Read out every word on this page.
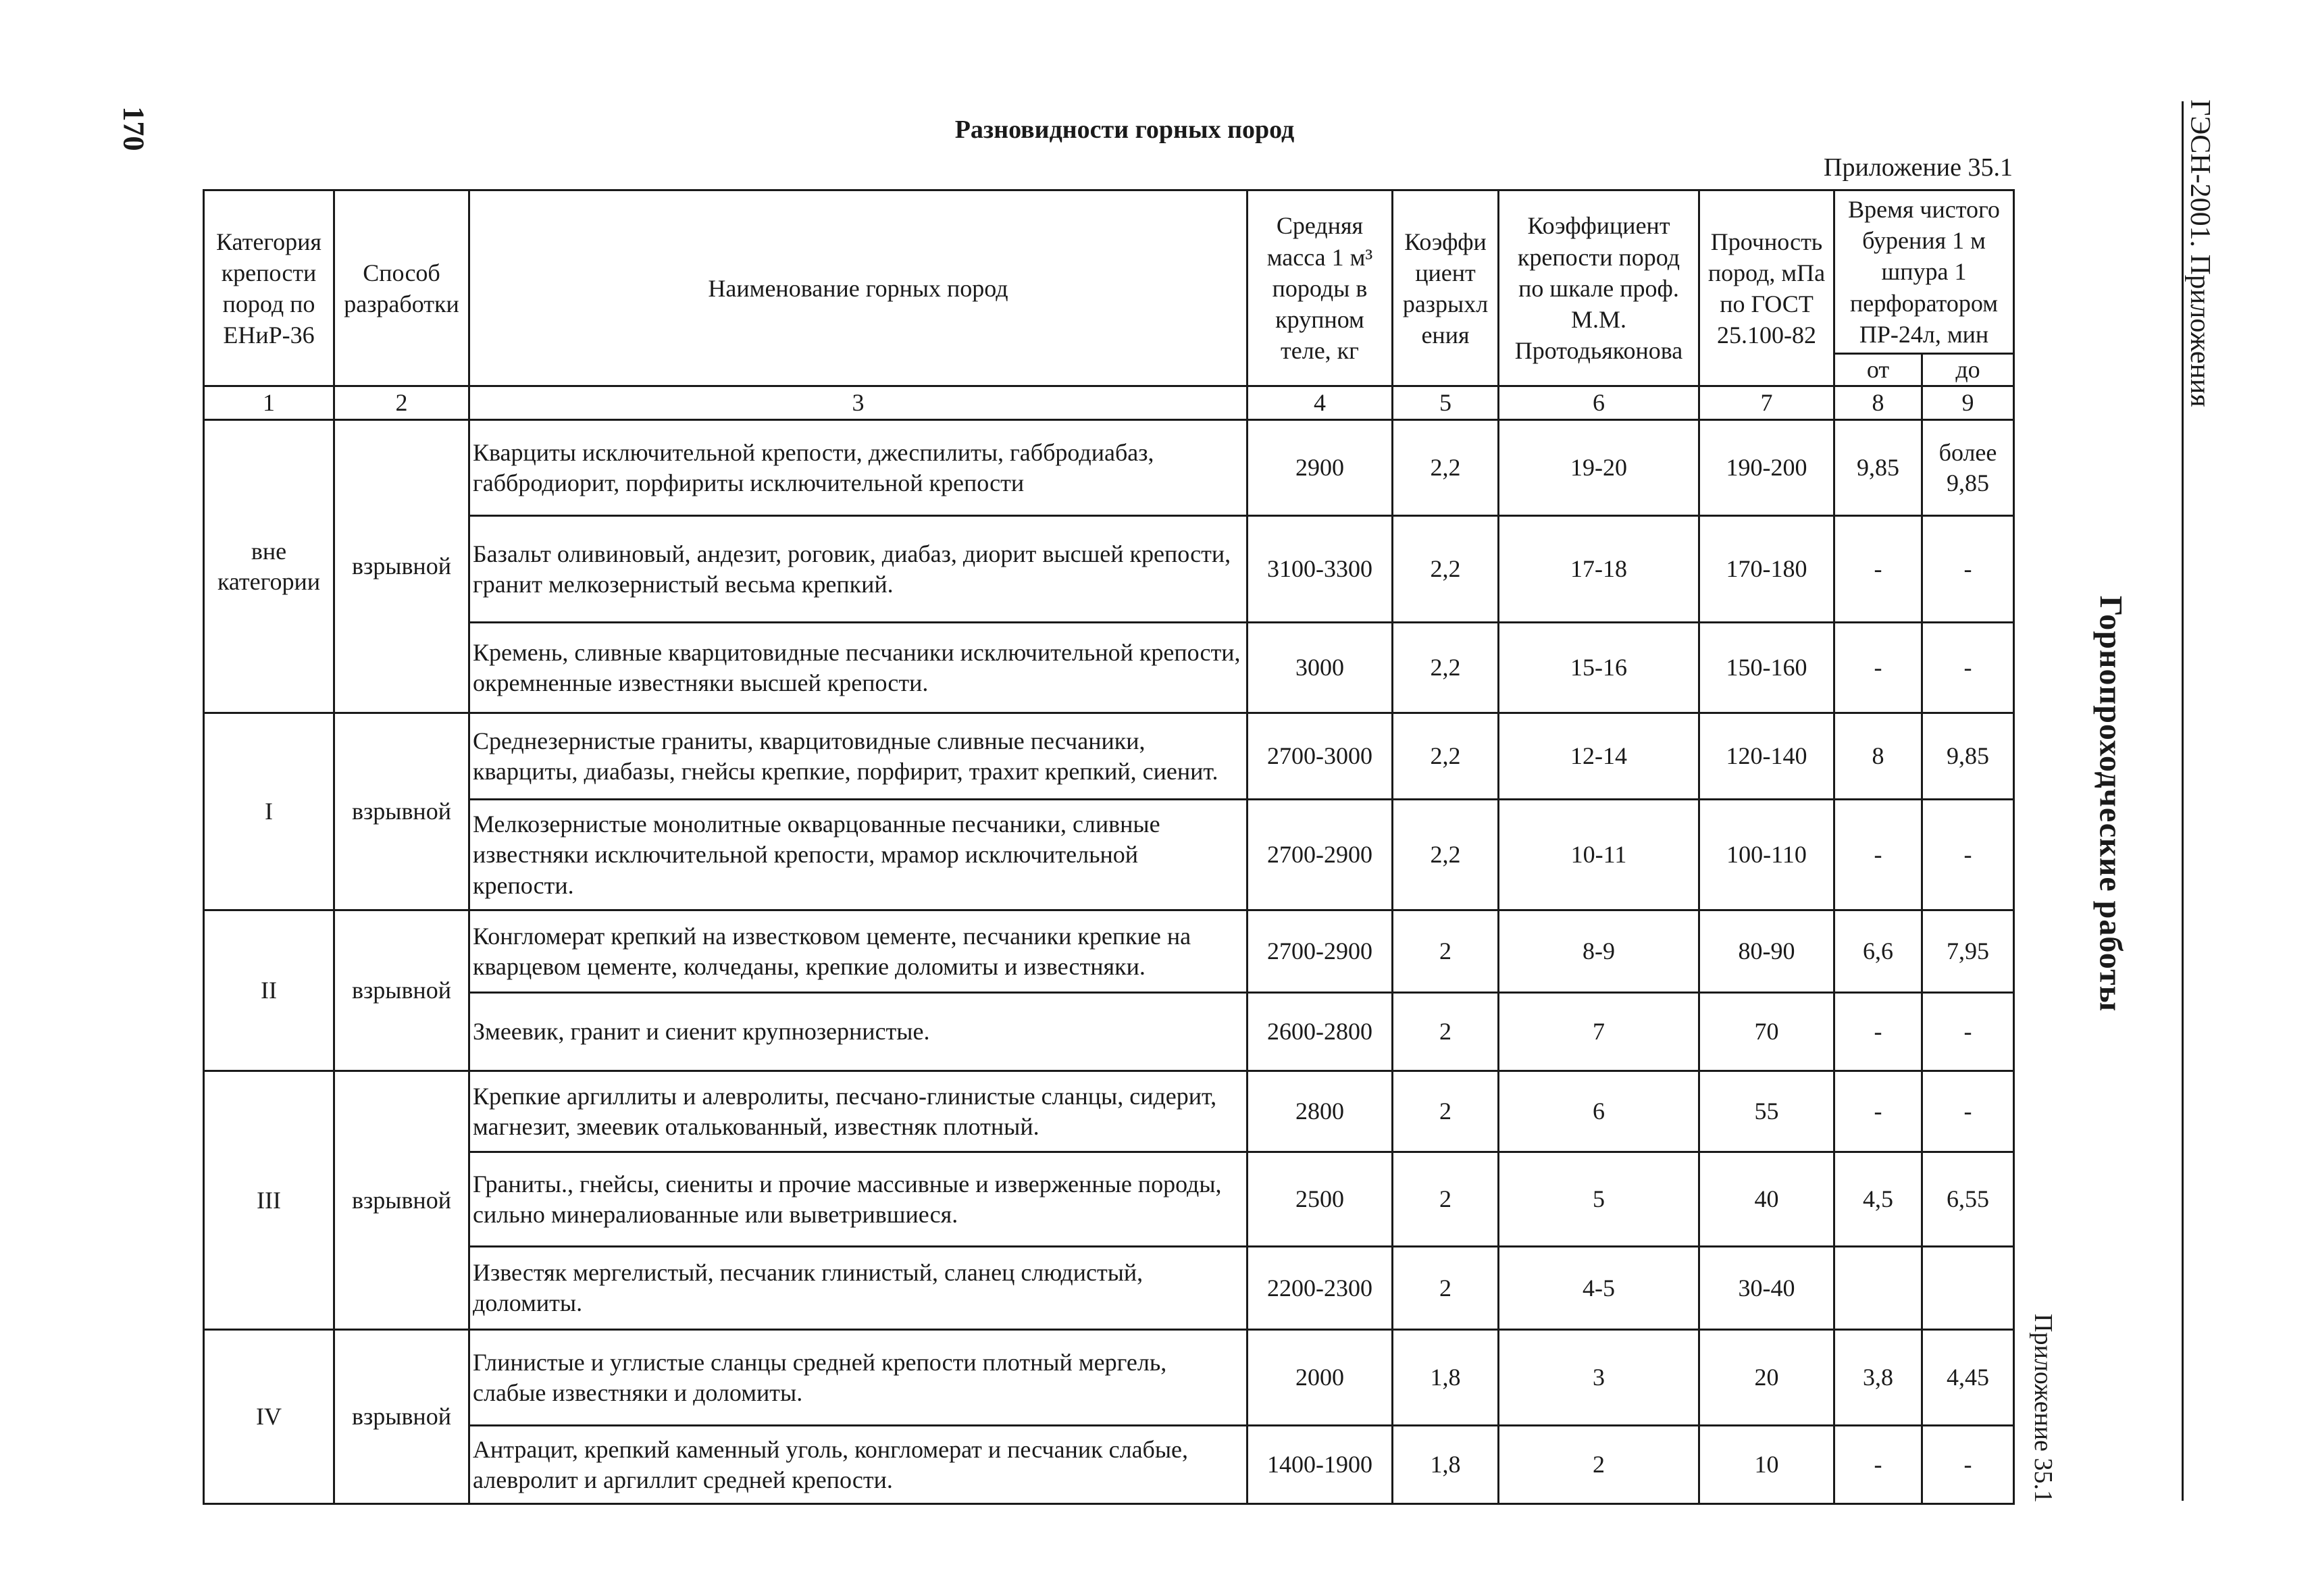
170	Разновидности горных пород
Приложение 35.1	ГЭСН-2001. Приложения
Горнопроходческие работы
Приложение 35.1
Категория крепости пород по ЕНиР-36	Способ разработки	Наименование горных пород	Средняя масса 1 м³ породы в крупном теле, кг	Коэффи циент разрыхл ения	Коэффициент крепости пород по шкале проф. М.М. Протодьяконова	Прочность пород, мПа по ГОСТ 25.100-82	Время чистого бурения 1 м шпура 1 перфоратором ПР-24л, мин	
							от	до
1	2	3	4	5	6	7	8	9
вне категории	взрывной	Кварциты исключительной крепости, джеспилиты, габбродиабаз, габбродиорит, порфириты исключительной крепости	2900	2,2	19-20	190-200	9,85	более 9,85
		Базальт оливиновый, андезит, роговик, диабаз, диорит высшей крепости, гранит мелкозернистый весьма крепкий.	3100-3300	2,2	17-18	170-180	-	-
		Кремень, сливные кварцитовидные песчаники исключительной крепости, окремненные известняки высшей крепости.	3000	2,2	15-16	150-160	-	-
I	взрывной	Среднезернистые граниты, кварцитовидные сливные песчаники, кварциты, диабазы, гнейсы крепкие, порфирит, трахит крепкий, сиенит.	2700-3000	2,2	12-14	120-140	8	9,85
		Мелкозернистые монолитные окварцованные песчаники, сливные известняки исключительной крепости, мрамор исключительной крепости.	2700-2900	2,2	10-11	100-110	-	-
II	взрывной	Конгломерат крепкий на известковом цементе, песчаники крепкие на кварцевом цементе, колчеданы, крепкие доломиты и известняки.	2700-2900	2	8-9	80-90	6,6	7,95
		Змеевик, гранит и сиенит крупнозернистые.	2600-2800	2	7	70	-	-
III	взрывной	Крепкие аргиллиты и алевролиты, песчано-глинистые сланцы, сидерит, магнезит, змеевик оталькованный, известняк плотный.	2800	2	6	55	-	-
		Граниты., гнейсы, сиениты и прочие массивные и изверженные породы, сильно минералиованные или выветрившиеся.	2500	2	5	40	4,5	6,55
		Известяк мергелистый, песчаник глинистый, сланец слюдистый, доломиты.	2200-2300	2	4-5	30-40		
IV	взрывной	Глинистые и углистые сланцы средней крепости плотный мергель, слабые известняки и доломиты.	2000	1,8	3	20	3,8	4,45
		Антрацит, крепкий каменный уголь, конгломерат и песчаник слабые, алевролит и аргиллит средней крепости.	1400-1900	1,8	2	10	-	-
